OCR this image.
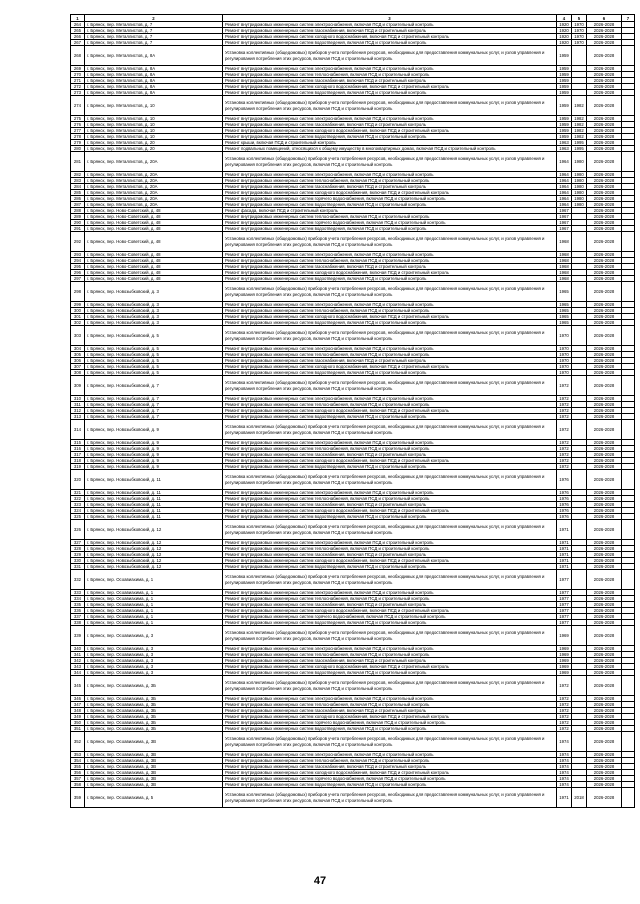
1	2	3	4	5	6	7
264	г. Брянск, пер. Металлистов, д. 7	Ремонт внутридомовых инженерных систем электроснабжения, включая ПСД и строительный контроль	1920	1970	2026-2028	
265	г. Брянск, пер. Металлистов, д. 7	Ремонт внутридомовых инженерных систем газоснабжения, включая ПСД и строительный контроль	1920	1970	2026-2028	
266	г. Брянск, пер. Металлистов, д. 7	Ремонт внутридомовых инженерных систем холодного водоснабжения, включая ПСД и строительный контроль	1920	1970	2026-2028	
267	г. Брянск, пер. Металлистов, д. 7	Ремонт внутридомовых инженерных систем водоотведения, включая ПСД и строительный контроль	1920	1970	2026-2028	
268	г. Брянск, пер. Металлистов, д. 8А	Установка коллективных (общедомовых) приборов учета потребления ресурсов, необходимых для предоставления коммунальных услуг, и узлов управления и регулирования потребления этих ресурсов, включая ПСД и строительный контроль	1959		2026-2028	
269	г. Брянск, пер. Металлистов, д. 8А	Ремонт внутридомовых инженерных систем электроснабжения, включая ПСД и строительный контроль	1959		2026-2028	
270	г. Брянск, пер. Металлистов, д. 8А	Ремонт внутридомовых инженерных систем теплоснабжения, включая ПСД и строительный контроль	1959		2026-2028	
271	г. Брянск, пер. Металлистов, д. 8А	Ремонт внутридомовых инженерных систем газоснабжения, включая ПСД и строительный контроль	1959		2026-2028	
272	г. Брянск, пер. Металлистов, д. 8А	Ремонт внутридомовых инженерных систем холодного водоснабжения, включая ПСД и строительный контроль	1959		2026-2028	
273	г. Брянск, пер. Металлистов, д. 8А	Ремонт внутридомовых инженерных систем водоотведения, включая ПСД и строительный контроль	1959		2026-2028	
274	г. Брянск, пер. Металлистов, д. 10	Установка коллективных (общедомовых) приборов учета потребления ресурсов, необходимых для предоставления коммунальных услуг, и узлов управления и регулирования потребления этих ресурсов, включая ПСД и строительный контроль	1959	1982	2026-2028	
275	г. Брянск, пер. Металлистов, д. 10	Ремонт внутридомовых инженерных систем электроснабжения, включая ПСД и строительный контроль	1959	1982	2026-2028	
276	г. Брянск, пер. Металлистов, д. 10	Ремонт внутридомовых инженерных систем газоснабжения, включая ПСД и строительный контроль	1959	1982	2026-2028	
277	г. Брянск, пер. Металлистов, д. 10	Ремонт внутридомовых инженерных систем холодного водоснабжения, включая ПСД и строительный контроль	1959	1982	2026-2028	
278	г. Брянск, пер. Металлистов, д. 10	Ремонт внутридомовых инженерных систем водоотведения, включая ПСД и строительный контроль	1959	1982	2026-2028	
279	г. Брянск, пер. Металлистов, д. 20	Ремонт крыши, включая ПСД и строительный контроль	1963	1995	2026-2028	
280	г. Брянск, пер. Металлистов, д. 20	Ремонт подвальных помещений, относящихся к общему имуществу в многоквартирных домах, включая ПСД и строительный контроль	1963	1995	2026-2028	
281	г. Брянск, пер. Металлистов, д. 20А	Установка коллективных (общедомовых) приборов учета потребления ресурсов, необходимых для предоставления коммунальных услуг, и узлов управления и регулирования потребления этих ресурсов, включая ПСД и строительный контроль	1964	1980	2026-2028	
282	г. Брянск, пер. Металлистов, д. 20А	Ремонт внутридомовых инженерных систем электроснабжения, включая ПСД и строительный контроль	1964	1980	2026-2028	
283	г. Брянск, пер. Металлистов, д. 20А	Ремонт внутридомовых инженерных систем теплоснабжения, включая ПСД и строительный контроль	1964	1980	2026-2028	
284	г. Брянск, пер. Металлистов, д. 20А	Ремонт внутридомовых инженерных систем газоснабжения, включая ПСД и строительный контроль	1964	1980	2026-2028	
285	г. Брянск, пер. Металлистов, д. 20А	Ремонт внутридомовых инженерных систем холодного водоснабжения, включая ПСД и строительный контроль	1964	1980	2026-2028	
286	г. Брянск, пер. Металлистов, д. 20А	Ремонт внутридомовых инженерных систем горячего водоснабжения, включая ПСД и строительный контроль	1964	1980	2026-2028	
287	г. Брянск, пер. Металлистов, д. 20А	Ремонт внутридомовых инженерных систем водоотведения, включая ПСД и строительный контроль	1964	1980	2026-2028	
288	г. Брянск, пер. Ново-Советский, д. 48	Ремонт фасада, включая ПСД и строительный контроль	1967		2026-2028	
289	г. Брянск, пер. Ново-Советский, д. 48	Ремонт внутридомовых инженерных систем теплоснабжения, включая ПСД и строительный контроль	1967		2026-2028	
290	г. Брянск, пер. Ново-Советский, д. 48	Ремонт внутридомовых инженерных систем горячего водоснабжения, включая ПСД и строительный контроль	1967		2026-2028	
291	г. Брянск, пер. Ново-Советский, д. 48	Ремонт внутридомовых инженерных систем водоотведения, включая ПСД и строительный контроль	1967		2026-2028	
292	г. Брянск, пер. Ново-Советский, д. 48	Установка коллективных (общедомовых) приборов учета потребления ресурсов, необходимых для предоставления коммунальных услуг, и узлов управления и регулирования потребления этих ресурсов, включая ПСД и строительный контроль	1968		2026-2028	
293	г. Брянск, пер. Ново-Советский, д. 48	Ремонт внутридомовых инженерных систем электроснабжения, включая ПСД и строительный контроль	1968		2026-2028	
294	г. Брянск, пер. Ново-Советский, д. 48	Ремонт внутридомовых инженерных систем теплоснабжения, включая ПСД и строительный контроль	1968		2026-2028	
295	г. Брянск, пер. Ново-Советский, д. 48	Ремонт внутридомовых инженерных систем газоснабжения, включая ПСД и строительный контроль	1968		2026-2028	
296	г. Брянск, пер. Ново-Советский, д. 48	Ремонт внутридомовых инженерных систем холодного водоснабжения, включая ПСД и строительный контроль	1968		2026-2028	
297	г. Брянск, пер. Ново-Советский, д. 48	Ремонт внутридомовых инженерных систем водоотведения, включая ПСД и строительный контроль	1968		2026-2028	
298	г. Брянск, пер. Новозыбковский, д. 3	Установка коллективных (общедомовых) приборов учета потребления ресурсов, необходимых для предоставления коммунальных услуг, и узлов управления и регулирования потребления этих ресурсов, включая ПСД и строительный контроль	1965		2026-2028	
299	г. Брянск, пер. Новозыбковский, д. 3	Ремонт внутридомовых инженерных систем электроснабжения, включая ПСД и строительный контроль	1965		2026-2028	
300	г. Брянск, пер. Новозыбковский, д. 3	Ремонт внутридомовых инженерных систем теплоснабжения, включая ПСД и строительный контроль	1965		2026-2028	
301	г. Брянск, пер. Новозыбковский, д. 3	Ремонт внутридомовых инженерных систем холодного водоснабжения, включая ПСД и строительный контроль	1965		2026-2028	
302	г. Брянск, пер. Новозыбковский, д. 3	Ремонт внутридомовых инженерных систем водоотведения, включая ПСД и строительный контроль	1965		2026-2028	
303	г. Брянск, пер. Новозыбковский, д. 5	Установка коллективных (общедомовых) приборов учета потребления ресурсов, необходимых для предоставления коммунальных услуг, и узлов управления и регулирования потребления этих ресурсов, включая ПСД и строительный контроль	1970		2026-2028	
304	г. Брянск, пер. Новозыбковский, д. 5	Ремонт внутридомовых инженерных систем электроснабжения, включая ПСД и строительный контроль	1970		2026-2028	
305	г. Брянск, пер. Новозыбковский, д. 5	Ремонт внутридомовых инженерных систем теплоснабжения, включая ПСД и строительный контроль	1970		2026-2028	
306	г. Брянск, пер. Новозыбковский, д. 5	Ремонт внутридомовых инженерных систем газоснабжения, включая ПСД и строительный контроль	1970		2026-2028	
307	г. Брянск, пер. Новозыбковский, д. 5	Ремонт внутридомовых инженерных систем холодного водоснабжения, включая ПСД и строительный контроль	1970		2026-2028	
308	г. Брянск, пер. Новозыбковский, д. 5	Ремонт внутридомовых инженерных систем водоотведения, включая ПСД и строительный контроль	1970		2026-2028	
309	г. Брянск, пер. Новозыбковский, д. 7	Установка коллективных (общедомовых) приборов учета потребления ресурсов, необходимых для предоставления коммунальных услуг, и узлов управления и регулирования потребления этих ресурсов, включая ПСД и строительный контроль	1972		2026-2028	
310	г. Брянск, пер. Новозыбковский, д. 7	Ремонт внутридомовых инженерных систем электроснабжения, включая ПСД и строительный контроль	1972		2026-2028	
311	г. Брянск, пер. Новозыбковский, д. 7	Ремонт внутридомовых инженерных систем теплоснабжения, включая ПСД и строительный контроль	1972		2026-2028	
312	г. Брянск, пер. Новозыбковский, д. 7	Ремонт внутридомовых инженерных систем холодного водоснабжения, включая ПСД и строительный контроль	1972		2026-2028	
313	г. Брянск, пер. Новозыбковский, д. 7	Ремонт внутридомовых инженерных систем водоотведения, включая ПСД и строительный контроль	1972		2026-2028	
314	г. Брянск, пер. Новозыбковский, д. 9	Установка коллективных (общедомовых) приборов учета потребления ресурсов, необходимых для предоставления коммунальных услуг, и узлов управления и регулирования потребления этих ресурсов, включая ПСД и строительный контроль	1972		2026-2028	
315	г. Брянск, пер. Новозыбковский, д. 9	Ремонт внутридомовых инженерных систем электроснабжения, включая ПСД и строительный контроль	1972		2026-2028	
316	г. Брянск, пер. Новозыбковский, д. 9	Ремонт внутридомовых инженерных систем теплоснабжения, включая ПСД и строительный контроль	1972		2026-2028	
317	г. Брянск, пер. Новозыбковский, д. 9	Ремонт внутридомовых инженерных систем газоснабжения, включая ПСД и строительный контроль	1972		2026-2028	
318	г. Брянск, пер. Новозыбковский, д. 9	Ремонт внутридомовых инженерных систем холодного водоснабжения, включая ПСД и строительный контроль	1972		2026-2028	
319	г. Брянск, пер. Новозыбковский, д. 9	Ремонт внутридомовых инженерных систем водоотведения, включая ПСД и строительный контроль	1972		2026-2028	
320	г. Брянск, пер. Новозыбковский, д. 11	Установка коллективных (общедомовых) приборов учета потребления ресурсов, необходимых для предоставления коммунальных услуг, и узлов управления и регулирования потребления этих ресурсов, включая ПСД и строительный контроль	1976		2026-2028	
321	г. Брянск, пер. Новозыбковский, д. 11	Ремонт внутридомовых инженерных систем электроснабжения, включая ПСД и строительный контроль	1976		2026-2028	
322	г. Брянск, пер. Новозыбковский, д. 11	Ремонт внутридомовых инженерных систем теплоснабжения, включая ПСД и строительный контроль	1976		2026-2028	
323	г. Брянск, пер. Новозыбковский, д. 11	Ремонт внутридомовых инженерных систем газоснабжения, включая ПСД и строительный контроль	1976		2026-2028	
324	г. Брянск, пер. Новозыбковский, д. 11	Ремонт внутридомовых инженерных систем холодного водоснабжения, включая ПСД и строительный контроль	1976		2026-2028	
325	г. Брянск, пер. Новозыбковский, д. 11	Ремонт внутридомовых инженерных систем водоотведения, включая ПСД и строительный контроль	1976		2026-2028	
326	г. Брянск, пер. Новозыбковский, д. 12	Установка коллективных (общедомовых) приборов учета потребления ресурсов, необходимых для предоставления коммунальных услуг, и узлов управления и регулирования потребления этих ресурсов, включая ПСД и строительный контроль	1971		2026-2028	
327	г. Брянск, пер. Новозыбковский, д. 12	Ремонт внутридомовых инженерных систем электроснабжения, включая ПСД и строительный контроль	1971		2026-2028	
328	г. Брянск, пер. Новозыбковский, д. 12	Ремонт внутридомовых инженерных систем теплоснабжения, включая ПСД и строительный контроль	1971		2026-2028	
329	г. Брянск, пер. Новозыбковский, д. 12	Ремонт внутридомовых инженерных систем газоснабжения, включая ПСД и строительный контроль	1971		2026-2028	
330	г. Брянск, пер. Новозыбковский, д. 12	Ремонт внутридомовых инженерных систем холодного водоснабжения, включая ПСД и строительный контроль	1971		2026-2028	
331	г. Брянск, пер. Новозыбковский, д. 12	Ремонт внутридомовых инженерных систем водоотведения, включая ПСД и строительный контроль	1971		2026-2028	
332	г. Брянск, пер. Осоавиахима, д. 1	Установка коллективных (общедомовых) приборов учета потребления ресурсов, необходимых для предоставления коммунальных услуг, и узлов управления и регулирования потребления этих ресурсов, включая ПСД и строительный контроль	1977		2026-2028	
333	г. Брянск, пер. Осоавиахима, д. 1	Ремонт внутридомовых инженерных систем электроснабжения, включая ПСД и строительный контроль	1977		2026-2028	
334	г. Брянск, пер. Осоавиахима, д. 1	Ремонт внутридомовых инженерных систем теплоснабжения, включая ПСД и строительный контроль	1977		2026-2028	
335	г. Брянск, пер. Осоавиахима, д. 1	Ремонт внутридомовых инженерных систем газоснабжения, включая ПСД и строительный контроль	1977		2026-2028	
336	г. Брянск, пер. Осоавиахима, д. 1	Ремонт внутридомовых инженерных систем холодного водоснабжения, включая ПСД и строительный контроль	1977		2026-2028	
337	г. Брянск, пер. Осоавиахима, д. 1	Ремонт внутридомовых инженерных систем горячего водоснабжения, включая ПСД и строительный контроль	1977		2026-2028	
338	г. Брянск, пер. Осоавиахима, д. 1	Ремонт внутридомовых инженерных систем водоотведения, включая ПСД и строительный контроль	1977		2026-2028	
339	г. Брянск, пер. Осоавиахима, д. 3	Установка коллективных (общедомовых) приборов учета потребления ресурсов, необходимых для предоставления коммунальных услуг, и узлов управления и регулирования потребления этих ресурсов, включая ПСД и строительный контроль	1969		2026-2028	
340	г. Брянск, пер. Осоавиахима, д. 3	Ремонт внутридомовых инженерных систем электроснабжения, включая ПСД и строительный контроль	1969		2026-2028	
341	г. Брянск, пер. Осоавиахима, д. 3	Ремонт внутридомовых инженерных систем теплоснабжения, включая ПСД и строительный контроль	1969		2026-2028	
342	г. Брянск, пер. Осоавиахима, д. 3	Ремонт внутридомовых инженерных систем газоснабжения, включая ПСД и строительный контроль	1969		2026-2028	
343	г. Брянск, пер. Осоавиахима, д. 3	Ремонт внутридомовых инженерных систем холодного водоснабжения, включая ПСД и строительный контроль	1969		2026-2028	
344	г. Брянск, пер. Осоавиахима, д. 3	Ремонт внутридомовых инженерных систем водоотведения, включая ПСД и строительный контроль	1969		2026-2028	
345	г. Брянск, пер. Осоавиахима, д. 3Б	Установка коллективных (общедомовых) приборов учета потребления ресурсов, необходимых для предоставления коммунальных услуг, и узлов управления и регулирования потребления этих ресурсов, включая ПСД и строительный контроль	1972		2026-2028	
346	г. Брянск, пер. Осоавиахима, д. 3Б	Ремонт внутридомовых инженерных систем электроснабжения, включая ПСД и строительный контроль	1972		2026-2028	
347	г. Брянск, пер. Осоавиахима, д. 3Б	Ремонт внутридомовых инженерных систем теплоснабжения, включая ПСД и строительный контроль	1972		2026-2028	
348	г. Брянск, пер. Осоавиахима, д. 3Б	Ремонт внутридомовых инженерных систем газоснабжения, включая ПСД и строительный контроль	1972		2026-2028	
349	г. Брянск, пер. Осоавиахима, д. 3Б	Ремонт внутридомовых инженерных систем холодного водоснабжения, включая ПСД и строительный контроль	1972		2026-2028	
350	г. Брянск, пер. Осоавиахима, д. 3Б	Ремонт внутридомовых инженерных систем горячего водоснабжения, включая ПСД и строительный контроль	1972		2026-2028	
351	г. Брянск, пер. Осоавиахима, д. 3Б	Ремонт внутридомовых инженерных систем водоотведения, включая ПСД и строительный контроль	1972		2026-2028	
352	г. Брянск, пер. Осоавиахима, д. 3В	Установка коллективных (общедомовых) приборов учета потребления ресурсов, необходимых для предоставления коммунальных услуг, и узлов управления и регулирования потребления этих ресурсов, включая ПСД и строительный контроль	1974		2026-2028	
353	г. Брянск, пер. Осоавиахима, д. 3В	Ремонт внутридомовых инженерных систем электроснабжения, включая ПСД и строительный контроль	1974		2026-2028	
354	г. Брянск, пер. Осоавиахима, д. 3В	Ремонт внутридомовых инженерных систем теплоснабжения, включая ПСД и строительный контроль	1974		2026-2028	
355	г. Брянск, пер. Осоавиахима, д. 3В	Ремонт внутридомовых инженерных систем газоснабжения, включая ПСД и строительный контроль	1974		2026-2028	
356	г. Брянск, пер. Осоавиахима, д. 3В	Ремонт внутридомовых инженерных систем холодного водоснабжения, включая ПСД и строительный контроль	1974		2026-2028	
357	г. Брянск, пер. Осоавиахима, д. 3В	Ремонт внутридомовых инженерных систем горячего водоснабжения, включая ПСД и строительный контроль	1974		2026-2028	
358	г. Брянск, пер. Осоавиахима, д. 3В	Ремонт внутридомовых инженерных систем водоотведения, включая ПСД и строительный контроль	1974		2026-2028	
359	г. Брянск, пер. Осоавиахима, д. 5	Установка коллективных (общедомовых) приборов учета потребления ресурсов, необходимых для предоставления коммунальных услуг, и узлов управления и регулирования потребления этих ресурсов, включая ПСД и строительный контроль	1971	2018	2026-2028	
47
